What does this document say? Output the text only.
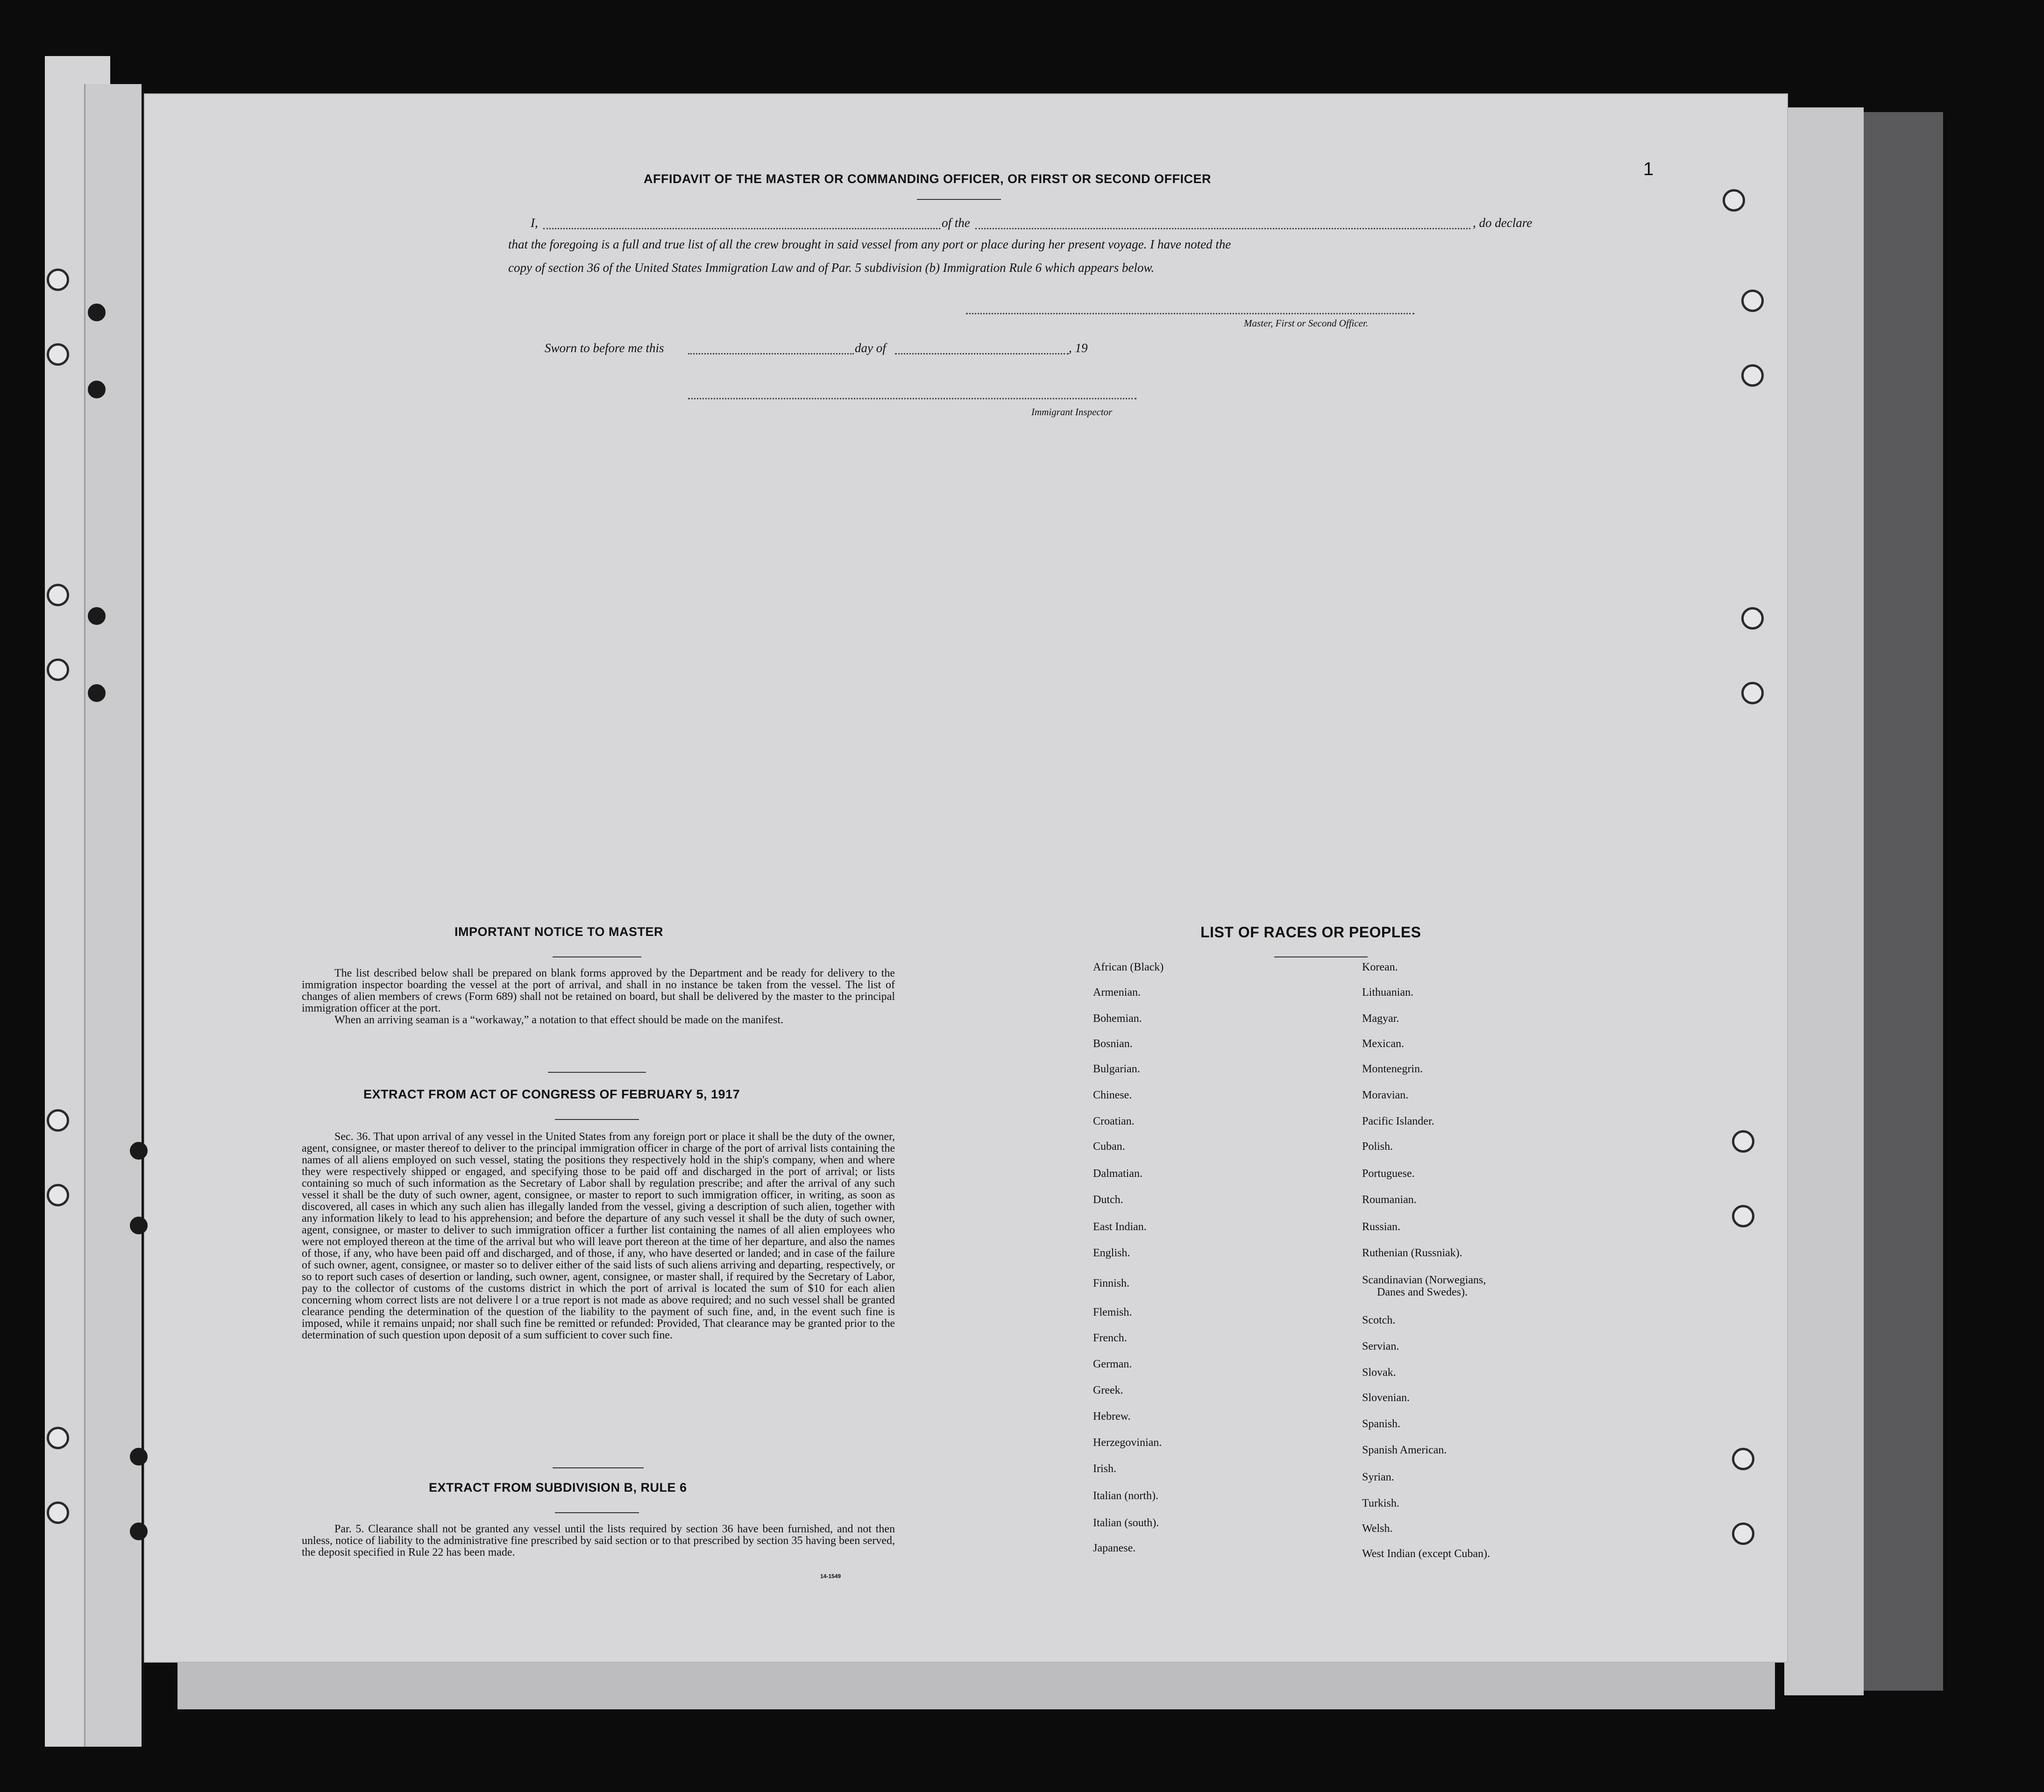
1
AFFIDAVIT OF THE MASTER OR COMMANDING OFFICER, OR FIRST OR SECOND OFFICER
I,	of the	, do declare
that the foregoing is a full and true list of all the crew brought in said vessel from any port or place during her present voyage. I have noted the
copy of section 36 of the United States Immigration Law and of Par. 5 subdivision (b) Immigration Rule 6 which appears below.
Master, First or Second Officer.
Sworn to before me this	day of	, 19
Immigrant Inspector
IMPORTANT NOTICE TO MASTER

The list described below shall be prepared on blank forms approved by the Department and be ready for delivery to the immigration inspector boarding the vessel at the port of arrival, and shall in no instance be taken from the vessel. The list of changes of alien members of crews (Form 689) shall not be retained on board, but shall be delivered by the master to the principal immigration officer at the port.

When an arriving seaman is a “workaway,” a notation to that effect should be made on the manifest.

EXTRACT FROM ACT OF CONGRESS OF FEBRUARY 5, 1917

Sec. 36. That upon arrival of any vessel in the United States from any foreign port or place it shall be the duty of the owner, agent, consignee, or master thereof to deliver to the principal immigration officer in charge of the port of arrival lists containing the names of all aliens employed on such vessel, stating the positions they respectively hold in the ship's company, when and where they were respectively shipped or engaged, and specifying those to be paid off and discharged in the port of arrival; or lists containing so much of such information as the Secretary of Labor shall by regulation prescribe; and after the arrival of any such vessel it shall be the duty of such owner, agent, consignee, or master to report to such immigration officer, in writing, as soon as discovered, all cases in which any such alien has illegally landed from the vessel, giving a description of such alien, together with any information likely to lead to his apprehension; and before the departure of any such vessel it shall be the duty of such owner, agent, consignee, or master to deliver to such immigration officer a further list containing the names of all alien employees who were not employed thereon at the time of the arrival but who will leave port thereon at the time of her departure, and also the names of those, if any, who have been paid off and discharged, and of those, if any, who have deserted or landed; and in case of the failure of such owner, agent, consignee, or master so to deliver either of the said lists of such aliens arriving and departing, respectively, or so to report such cases of desertion or landing, such owner, agent, consignee, or master shall, if required by the Secretary of Labor, pay to the collector of customs of the customs district in which the port of arrival is located the sum of $10 for each alien concerning whom correct lists are not delivere l or a true report is not made as above required; and no such vessel shall be granted clearance pending the determination of the question of the liability to the payment of such fine, and, in the event such fine is imposed, while it remains unpaid; nor shall such fine be remitted or refunded: Provided, That clearance may be granted prior to the determination of such question upon deposit of a sum sufficient to cover such fine.

EXTRACT FROM SUBDIVISION B, RULE 6

Par. 5. Clearance shall not be granted any vessel until the lists required by section 36 have been furnished, and not then unless, notice of liability to the administrative fine prescribed by said section or to that prescribed by section 35 having been served, the deposit specified in Rule 22 has been made.

14-1549
LIST OF RACES OR PEOPLES
African (Black)
Armenian.
Bohemian.
Bosnian.
Bulgarian.
Chinese.
Croatian.
Cuban.
Dalmatian.
Dutch.
East Indian.
English.
Finnish.
Flemish.
French.
German.
Greek.
Hebrew.
Herzegovinian.
Irish.
Italian (north).
Italian (south).
Japanese.
Korean.
Lithuanian.
Magyar.
Mexican.
Montenegrin.
Moravian.
Pacific Islander.
Polish.
Portuguese.
Roumanian.
Russian.
Ruthenian (Russniak).
Scandinavian (Norwegians,
Danes and Swedes).
Scotch.
Servian.
Slovak.
Slovenian.
Spanish.
Spanish American.
Syrian.
Turkish.
Welsh.
West Indian (except Cuban).
